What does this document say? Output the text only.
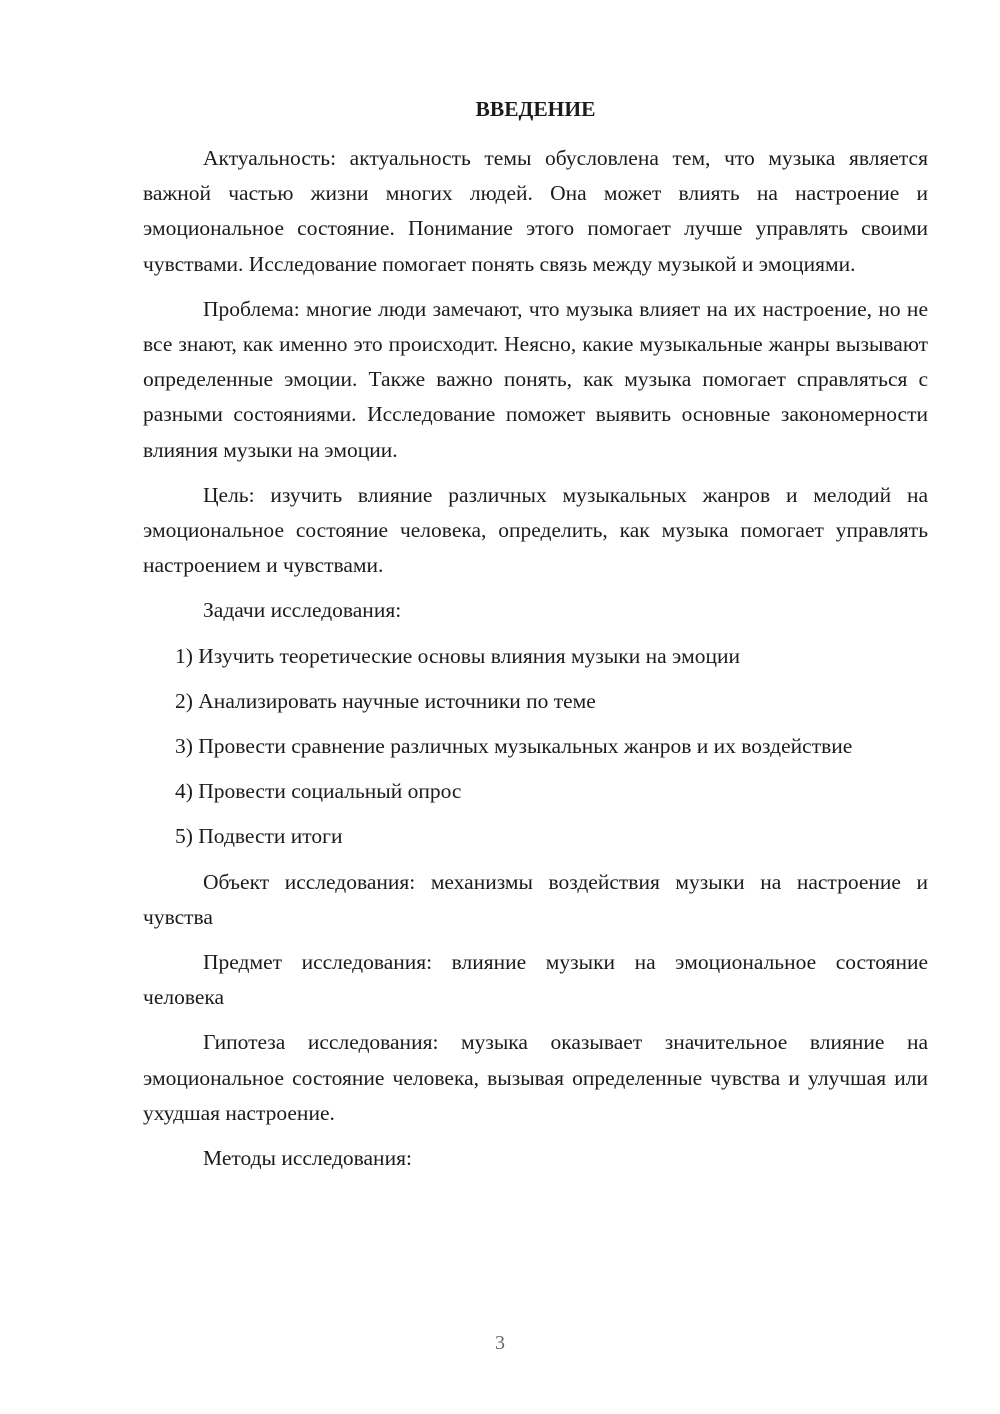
ВВЕДЕНИЕ

Актуальность: актуальность темы обусловлена тем, что музыка является важной частью жизни многих людей. Она может влиять на настроение и эмоциональное состояние. Понимание этого помогает лучше управлять своими чувствами. Исследование помогает понять связь между музыкой и эмоциями.

Проблема: многие люди замечают, что музыка влияет на их настроение, но не все знают, как именно это происходит. Неясно, какие музыкальные жанры вызывают определенные эмоции. Также важно понять, как музыка помогает справляться с разными состояниями. Исследование поможет выявить основные закономерности влияния музыки на эмоции.

Цель: изучить влияние различных музыкальных жанров и мелодий на эмоциональное состояние человека, определить, как музыка помогает управлять настроением и чувствами.

Задачи исследования:

1) Изучить теоретические основы влияния музыки на эмоции

2) Анализировать научные источники по теме

3) Провести сравнение различных музыкальных жанров и их воздействие

4) Провести социальный опрос

5) Подвести итоги

Объект исследования: механизмы воздействия музыки на настроение и чувства

Предмет исследования: влияние музыки на эмоциональное состояние человека

Гипотеза исследования: музыка оказывает значительное влияние на эмоциональное состояние человека, вызывая определенные чувства и улучшая или ухудшая настроение.

Методы исследования:

3
